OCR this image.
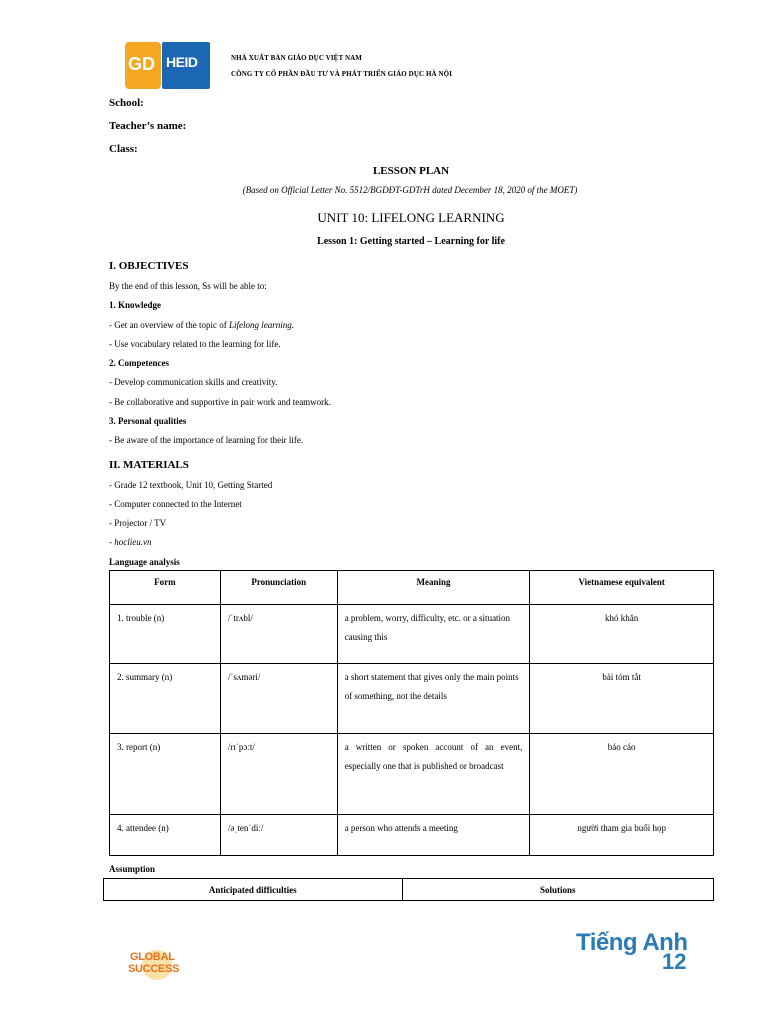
GD HEID	NHÀ XUẤT BẢN GIÁO DỤC VIỆT NAM
CÔNG TY CỔ PHẦN ĐẦU TƯ VÀ PHÁT TRIỂN GIÁO DỤC HÀ NỘI
School:
Teacher’s name:
Class:
LESSON PLAN
(Based on Official Letter No. 5512/BGDĐT-GDTrH dated December 18, 2020 of the MOET)
UNIT 10: LIFELONG LEARNING
Lesson 1: Getting started – Learning for life
I. OBJECTIVES
By the end of this lesson, Ss will be able to:
1. Knowledge
- Get an overview of the topic of Lifelong learning.
- Use vocabulary related to the learning for life.
2. Competences
- Develop communication skills and creativity.
- Be collaborative and supportive in pair work and teamwork.
3. Personal qualities
- Be aware of the importance of learning for their life.
II. MATERIALS
- Grade 12 textbook, Unit 10, Getting Started
- Computer connected to the Internet
- Projector / TV
- hoclieu.vn
Language analysis
Form	Pronunciation	Meaning	Vietnamese equivalent
1. trouble (n)	/ˈtrʌbl/	a problem, worry, difficulty, etc. or a situation causing this	khó khăn
2. summary (n)	/ˈsʌməri/	a short statement that gives only the main points of something, not the details	bài tóm tắt
3. report (n)	/rɪˈpɔːt/	a written or spoken account of an event, especially one that is published or broadcast	báo cáo
4. attendee (n)	/əˌtenˈdiː/	a person who attends a meeting	người tham gia buổi họp
Assumption
Anticipated difficulties	Solutions
GLOBAL
SUCCESS
Tiếng Anh
12
